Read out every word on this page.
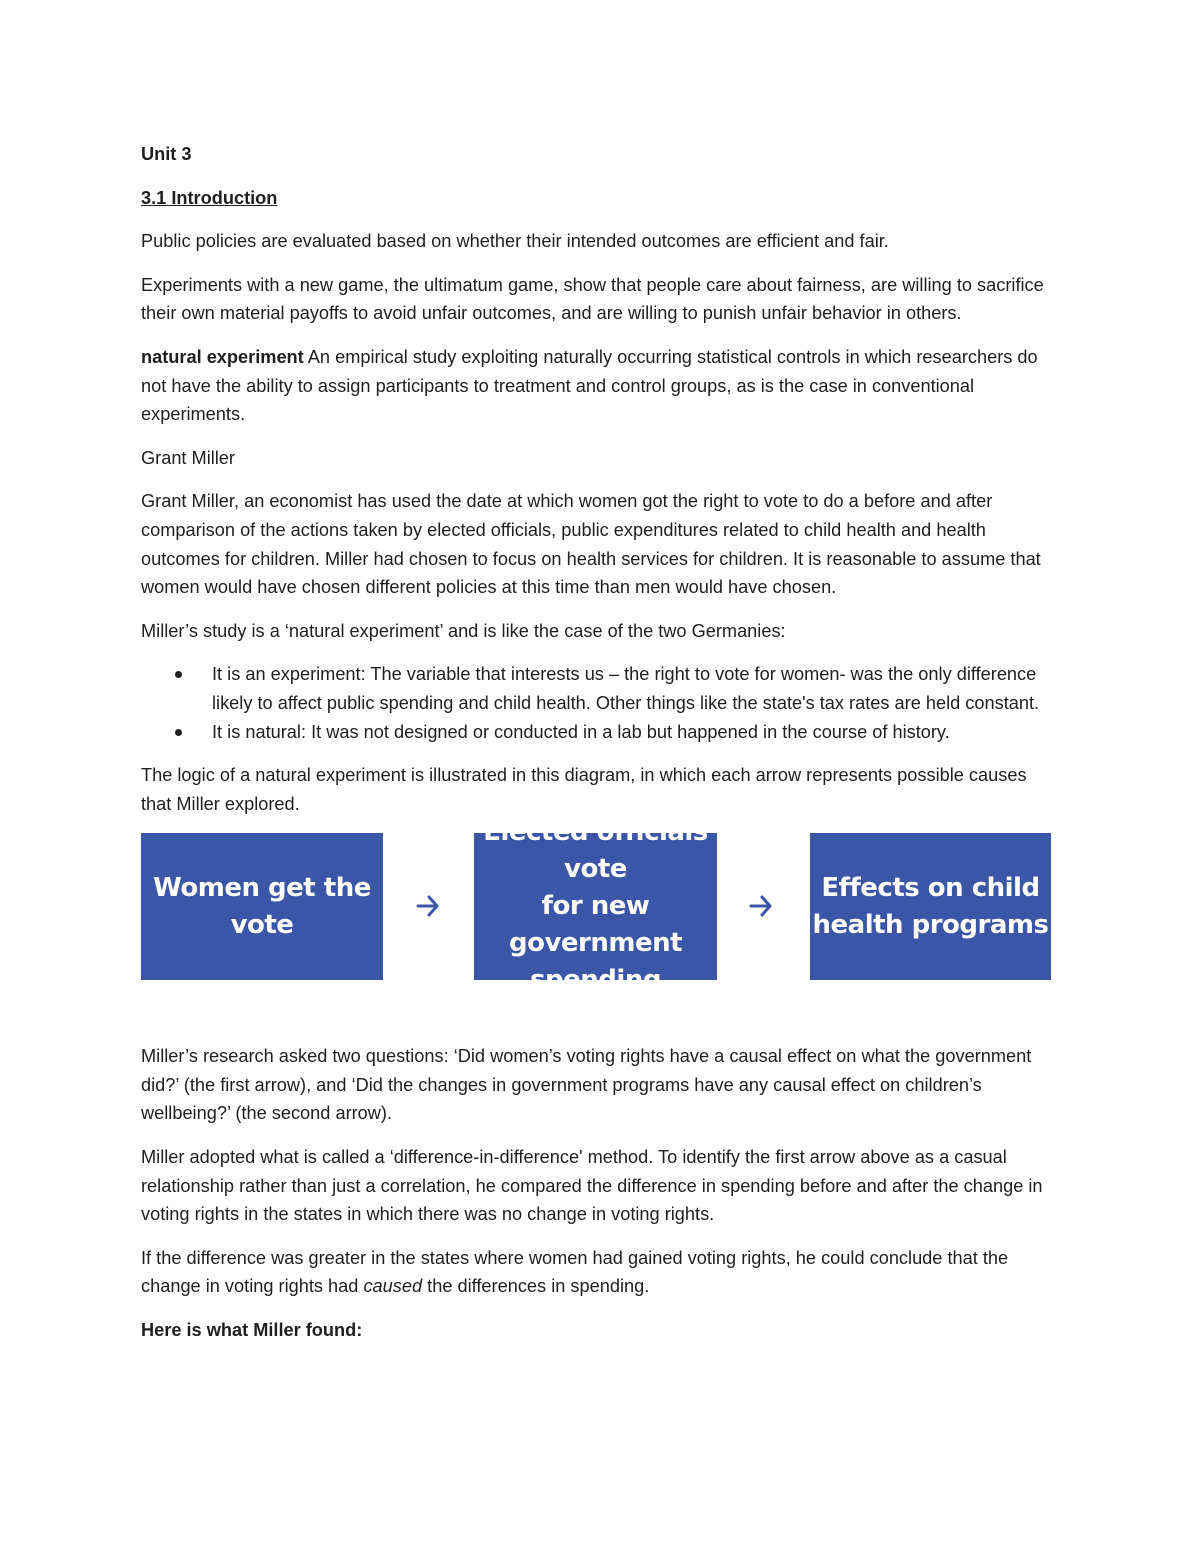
Unit 3

3.1 Introduction

Public policies are evaluated based on whether their intended outcomes are efficient and fair.

Experiments with a new game, the ultimatum game, show that people care about fairness, are willing to sacrifice their own material payoffs to avoid unfair outcomes, and are willing to punish unfair behavior in others.

natural experiment An empirical study exploiting naturally occurring statistical controls in which researchers do not have the ability to assign participants to treatment and control groups, as is the case in conventional experiments.

Grant Miller

Grant Miller, an economist has used the date at which women got the right to vote to do a before and after comparison of the actions taken by elected officials, public expenditures related to child health and health outcomes for children. Miller had chosen to focus on health services for children. It is reasonable to assume that women would have chosen different policies at this time than men would have chosen.

Miller’s study is a ‘natural experiment’ and is like the case of the two Germanies:

It is an experiment: The variable that interests us – the right to vote for women- was the only difference likely to affect public spending and child health. Other things like the state's tax rates are held constant.
It is natural: It was not designed or conducted in a lab but happened in the course of history.

The logic of a natural experiment is illustrated in this diagram, in which each arrow represents possible causes that Miller explored.

Women get the vote
Elected officials vote
for new government
spending
Effects on child
health programs

Miller’s research asked two questions: ‘Did women’s voting rights have a causal effect on what the government did?’ (the first arrow), and ‘Did the changes in government programs have any causal effect on children’s wellbeing?’ (the second arrow).

Miller adopted what is called a ‘difference-in-difference' method. To identify the first arrow above as a casual relationship rather than just a correlation, he compared the difference in spending before and after the change in voting rights in the states in which there was no change in voting rights.

If the difference was greater in the states where women had gained voting rights, he could conclude that the change in voting rights had caused the differences in spending.

Here is what Miller found:
